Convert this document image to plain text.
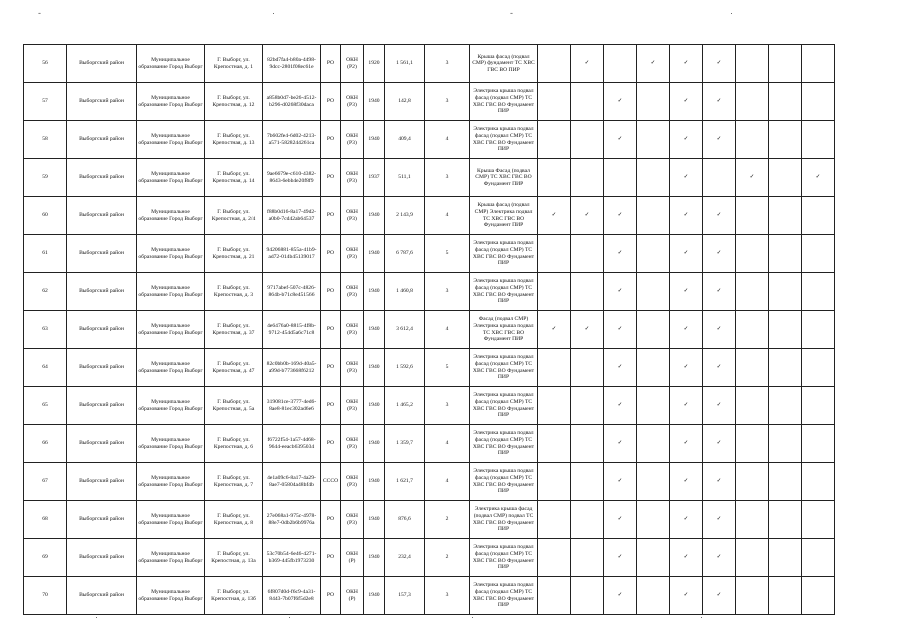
-	·	-	·
56	Выборгский район	Муниципальное образование Город Выборг	Г. Выборг, ул. Крепостная, д. 1	82bd7fa4-b80a-4498-9dcc-2801f08ec61e	РО	ОКН (Р2)	1920	1 561,1	3	Крыша фасад (подвал СМР) фундамент ТС ХВС ГВС ВО ПИР		✓		✓	✓	✓			
57	Выборгский район	Муниципальное образование Город Выборг	Г. Выборг, ул. Крепостная, д. 12	a858b0d7-be26-4512-b296-d0268f30daca	РО	ОКН (Р3)	1940	142,8	3	Электрика крыша подвал фасад (подвал СМР) ТС ХВС ГВС ВО Фундамент ПИР			✓		✓	✓			
58	Выборгский район	Муниципальное образование Город Выборг	Г. Выборг, ул. Крепостная, д. 13	7b602fe4-6d02-4213-a571-5828244261ca	РО	ОКН (Р3)	1940	409,4	4	Электрика крыша подвал фасад (подвал СМР) ТС ХВС ГВС ВО Фундамент ПИР			✓		✓	✓			
59	Выборгский район	Муниципальное образование Город Выборг	Г. Выборг, ул. Крепостная, д. 14	9ae6679e-c610-4382-8643-6ebb4e20f8f9	РО	ОКН (Р3)	1937	511,1	3	Крыша Фасад (подвал СМР) ТС ХВС ГВС ВО Фундамент ПИР					✓		✓		✓
60	Выборгский район	Муниципальное образование Город Выборг	Г. Выборг, ул. Крепостная, д. 2/4	f88b0d16-8a17-49d2-a0b0-7cd42ab64537	РО	ОКН (Р3)	1940	2 143,9	4	Крыша фасад (подвал СМР) Электрика подвал ТС ХВС ГВС ВО Фундамент ПИР	✓	✓	✓		✓	✓			
61	Выборгский район	Муниципальное образование Город Выборг	Г. Выборг, ул. Крепостная, д. 21	94206881-855a-41b9-ad72-014b45139017	РО	ОКН (Р3)	1940	6 787,6	5	Электрика крыша подвал фасад (подвал СМР) ТС ХВС ГВС ВО Фундамент ПИР			✓		✓	✓			
62	Выборгский район	Муниципальное образование Город Выборг	Г. Выборг, ул. Крепостная, д. 3	9717abef-507c-4826-864b-b71c8e451566	РО	ОКН (Р3)	1940	1 460,8	3	Электрика крыша подвал фасад (подвал СМР) ТС ХВС ГВС ВО Фундамент ПИР			✓		✓	✓			
63	Выборгский район	Муниципальное образование Город Выборг	Г. Выборг, ул. Крепостная, д. 37	4e6476a0-8815-4f8b-9712-454d5a6c71c8	РО	ОКН (Р3)	1940	3 612,4	4	Фасад (подвал СМР) Электрика крыша подвал ТС ХВС ГВС ВО Фундамент ПИР	✓	✓	✓		✓	✓			
64	Выборгский район	Муниципальное образование Город Выборг	Г. Выборг, ул. Крепостная, д. 47	82c0bb0b-169d-40a5-a99d-b773668f6212	РО	ОКН (Р3)	1940	1 592,6	5	Электрика крыша подвал фасад (подвал СМР) ТС ХВС ГВС ВО Фундамент ПИР			✓		✓	✓			
65	Выборгский район	Муниципальное образование Город Выборг	Г. Выборг, ул. Крепостная, д. 5а	319081ce-3777-4ed6-8ae8-81ec302ad6e6	РО	ОКН (Р3)	1940	1 465,2	3	Электрика крыша подвал фасад (подвал СМР) ТС ХВС ГВС ВО Фундамент ПИР			✓		✓	✓			
66	Выборгский район	Муниципальное образование Город Выборг	Г. Выборг, ул. Крепостная, д. 6	f6722f54-1a57-4d68-9644-eeacb6395034	РО	ОКН (Р3)	1940	1 359,7	4	Электрика крыша подвал фасад (подвал СМР) ТС ХВС ГВС ВО Фундамент ПИР			✓		✓	✓			
67	Выборгский район	Муниципальное образование Город Выборг	Г. Выборг, ул. Крепостная, д. 7	4e1a09c6-8a17-4a29-8ae7-05804a48bf4b	СССО	ОКН (Р3)	1940	1 621,7	4	Электрика крыша подвал фасад (подвал СМР) ТС ХВС ГВС ВО Фундамент ПИР			✓		✓	✓			
68	Выборгский район	Муниципальное образование Город Выборг	Г. Выборг, ул. Крепостная, д. 8	27e068a1-975c-4978-88e7-0db2b6b9976a	РО	ОКН (Р3)	1940	876,6	2	Электрика крыша фасад (подвал СМР) подвал ТС ХВС ГВС ВО Фундамент ПИР			✓		✓	✓			
69	Выборгский район	Муниципальное образование Город Выборг	Г. Выборг, ул. Крепостная, д. 13а	53c70b54-6e46-4271-b369-445fb1973230	РО	ОКН (Р)	1940	232,4	2	Электрика крыша подвал фасад (подвал СМР) ТС ХВС ГВС ВО Фундамент ПИР			✓		✓	✓			
70	Выборгский район	Муниципальное образование Город Выборг	Г. Выборг, ул. Крепостная, д. 13б	6f807d0d-f6c9-4a31-8443-7b07f6f5d2e8	РО	ОКН (Р)	1940	157,3	3	Электрика крыша подвал фасад (подвал СМР) ТС ХВС ГВС ВО Фундамент ПИР			✓		✓	✓			
·	·	·	·
